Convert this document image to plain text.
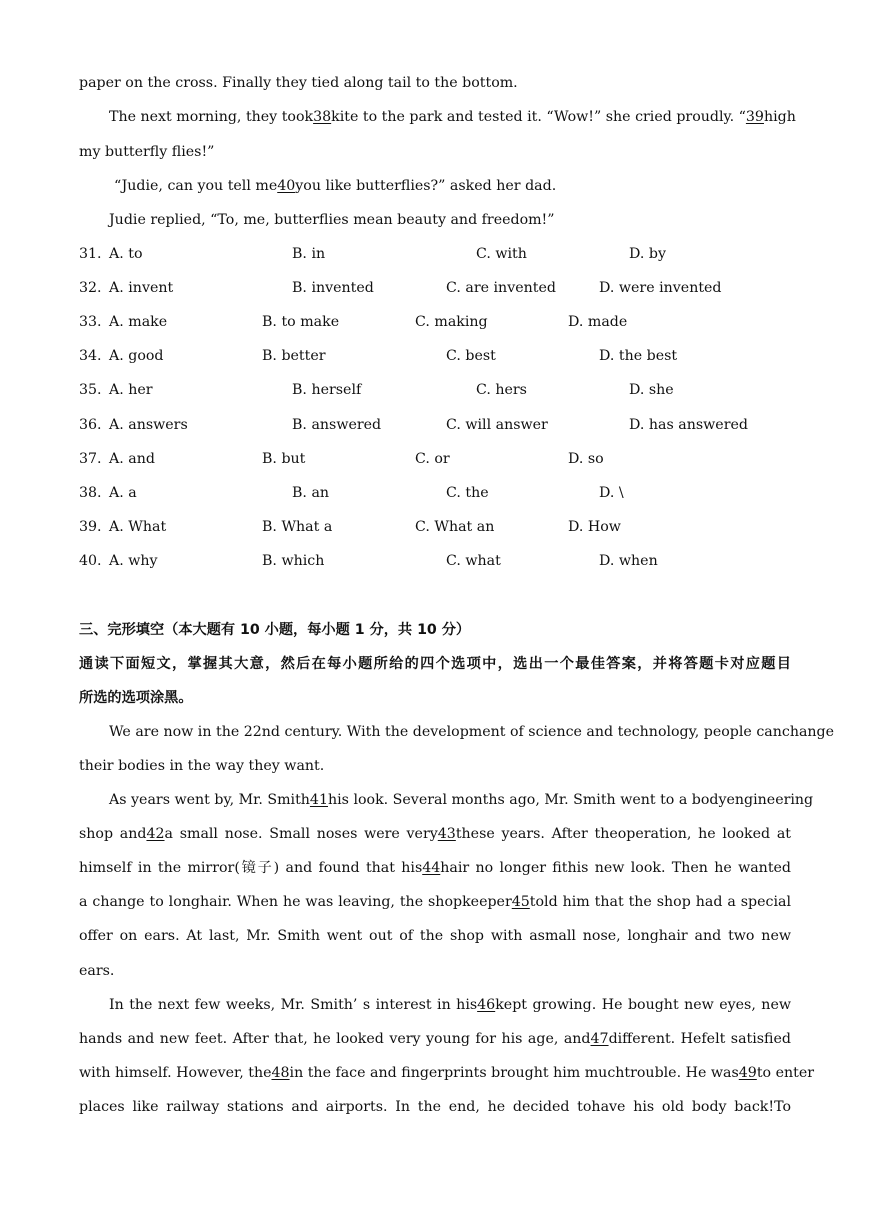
paper on the cross. Finally they tied along tail to the bottom.
The next morning, they took38kite to the park and tested it. “Wow!” she cried proudly. “39high
my butterfly flies!”
“Judie, can you tell me40you like butterflies?” asked her dad.
Judie replied, “To, me, butterflies mean beauty and freedom!”
31. A. to	B. in	C. with	D. by
32. A. invent	B. invented	C. are invented	D. were invented
33. A. make	B. to make	C. making	D. made
34. A. good	B. better	C. best	D. the best
35. A. her	B. herself	C. hers	D. she
36. A. answers	B. answered	C. will answer	D. has answered
37. A. and	B. but	C. or	D. so
38. A. a	B. an	C. the	D. \
39. A. What	B. What a	C. What an	D. How
40. A. why	B. which	C. what	D. when
三、完形填空（本大题有 10 小题，每小题 1 分，共 10 分）
通读下面短文，掌握其大意，然后在每小题所给的四个选项中，选出一个最佳答案，并将答题卡对应题目
所选的选项涂黑。
We are now in the 22nd century. With the development of science and technology, people canchange
their bodies in the way they want.
As years went by, Mr. Smith41his look. Several months ago, Mr. Smith went to a bodyengineering
shop and42a small nose. Small noses were very43these years. After theoperation, he looked at
himself in the mirror(镜子) and found that his44hair no longer fithis new look. Then he wanted
a change to longhair. When he was leaving, the shopkeeper45told him that the shop had a special
offer on ears. At last, Mr. Smith went out of the shop with asmall nose, longhair and two new
ears.
In the next few weeks, Mr. Smith’ s interest in his46kept growing. He bought new eyes, new
hands and new feet. After that, he looked very young for his age, and47different. Hefelt satisfied
with himself. However, the48in the face and fingerprints brought him muchtrouble. He was49to enter
places like railway stations and airports. In the end, he decided tohave his old body back!To
